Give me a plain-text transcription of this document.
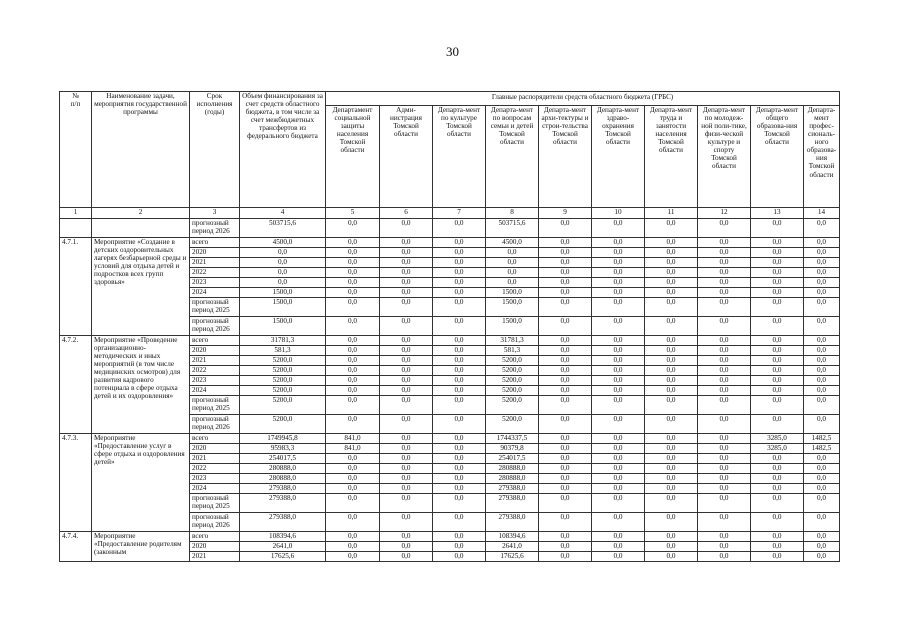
30
№
п/п	Наименование задачи, мероприятия государственной программы	Срок исполнения (годы)	Объем финансирования за счет средств областного бюджета, в том числе за счет межбюджетных трансфертов из федерального бюджета	Главные распорядители средств областного бюджета (ГРБС)									
				Департамент социальной защиты населения Томской области	Адми-нистрация Томской области	Департа-мент по культуре Томской области	Департа-мент по вопросам семьи и детей Томской области	Департа-мент архи-тектуры и строи-тельства Томской области	Департа-мент здраво-охранения Томской области	Департа-мент труда и занятости населения Томской области	Департа-мент по молодеж-ной поли-тике, физи-ческой культуре и спорту Томской области	Департа-мент общего образова-ния Томской области	Департа-мент профес-сиональ-ного образова-ния Томской области
1	2	3	4	5	6	7	8	9	10	11	12	13	14
		прогнозный период 2026	503715,6	0,0	0,0	0,0	503715,6	0,0	0,0	0,0	0,0	0,0	0,0
4.7.1.	Мероприятие «Создание в детских оздоровительных лагерях безбарьерной среды и условий для отдыха детей и подростков всех групп здоровья»	всего	4500,0	0,0	0,0	0,0	4500,0	0,0	0,0	0,0	0,0	0,0	0,0
		2020	0,0	0,0	0,0	0,0	0,0	0,0	0,0	0,0	0,0	0,0	0,0
		2021	0,0	0,0	0,0	0,0	0,0	0,0	0,0	0,0	0,0	0,0	0,0
		2022	0,0	0,0	0,0	0,0	0,0	0,0	0,0	0,0	0,0	0,0	0,0
		2023	0,0	0,0	0,0	0,0	0,0	0,0	0,0	0,0	0,0	0,0	0,0
		2024	1500,0	0,0	0,0	0,0	1500,0	0,0	0,0	0,0	0,0	0,0	0,0
		прогнозный период 2025	1500,0	0,0	0,0	0,0	1500,0	0,0	0,0	0,0	0,0	0,0	0,0
		прогнозный период 2026	1500,0	0,0	0,0	0,0	1500,0	0,0	0,0	0,0	0,0	0,0	0,0
4.7.2.	Мероприятие «Проведение организационно-методических и иных мероприятий (в том числе медицинских осмотров) для развития кадрового потенциала в сфере отдыха детей и их оздоровления»	всего	31781,3	0,0	0,0	0,0	31781,3	0,0	0,0	0,0	0,0	0,0	0,0
		2020	581,3	0,0	0,0	0,0	581,3	0,0	0,0	0,0	0,0	0,0	0,0
		2021	5200,0	0,0	0,0	0,0	5200,0	0,0	0,0	0,0	0,0	0,0	0,0
		2022	5200,0	0,0	0,0	0,0	5200,0	0,0	0,0	0,0	0,0	0,0	0,0
		2023	5200,0	0,0	0,0	0,0	5200,0	0,0	0,0	0,0	0,0	0,0	0,0
		2024	5200,0	0,0	0,0	0,0	5200,0	0,0	0,0	0,0	0,0	0,0	0,0
		прогнозный период 2025	5200,0	0,0	0,0	0,0	5200,0	0,0	0,0	0,0	0,0	0,0	0,0
		прогнозный период 2026	5200,0	0,0	0,0	0,0	5200,0	0,0	0,0	0,0	0,0	0,0	0,0
4.7.3.	Мероприятие «Предоставление услуг в сфере отдыха и оздоровления детей»	всего	1749945,8	841,0	0,0	0,0	1744337,5	0,0	0,0	0,0	0,0	3285,0	1482,5
		2020	95983,3	841,0	0,0	0,0	90379,8	0,0	0,0	0,0	0,0	3285,0	1482,5
		2021	254017,5	0,0	0,0	0,0	254017,5	0,0	0,0	0,0	0,0	0,0	0,0
		2022	280888,0	0,0	0,0	0,0	280888,0	0,0	0,0	0,0	0,0	0,0	0,0
		2023	280888,0	0,0	0,0	0,0	280888,0	0,0	0,0	0,0	0,0	0,0	0,0
		2024	279388,0	0,0	0,0	0,0	279388,0	0,0	0,0	0,0	0,0	0,0	0,0
		прогнозный период 2025	279388,0	0,0	0,0	0,0	279388,0	0,0	0,0	0,0	0,0	0,0	0,0
		прогнозный период 2026	279388,0	0,0	0,0	0,0	279388,0	0,0	0,0	0,0	0,0	0,0	0,0
4.7.4.	Мероприятие «Предоставление родителям (законным	всего	108394,6	0,0	0,0	0,0	108394,6	0,0	0,0	0,0	0,0	0,0	0,0
		2020	2641,0	0,0	0,0	0,0	2641,0	0,0	0,0	0,0	0,0	0,0	0,0
		2021	17625,6	0,0	0,0	0,0	17625,6	0,0	0,0	0,0	0,0	0,0	0,0
